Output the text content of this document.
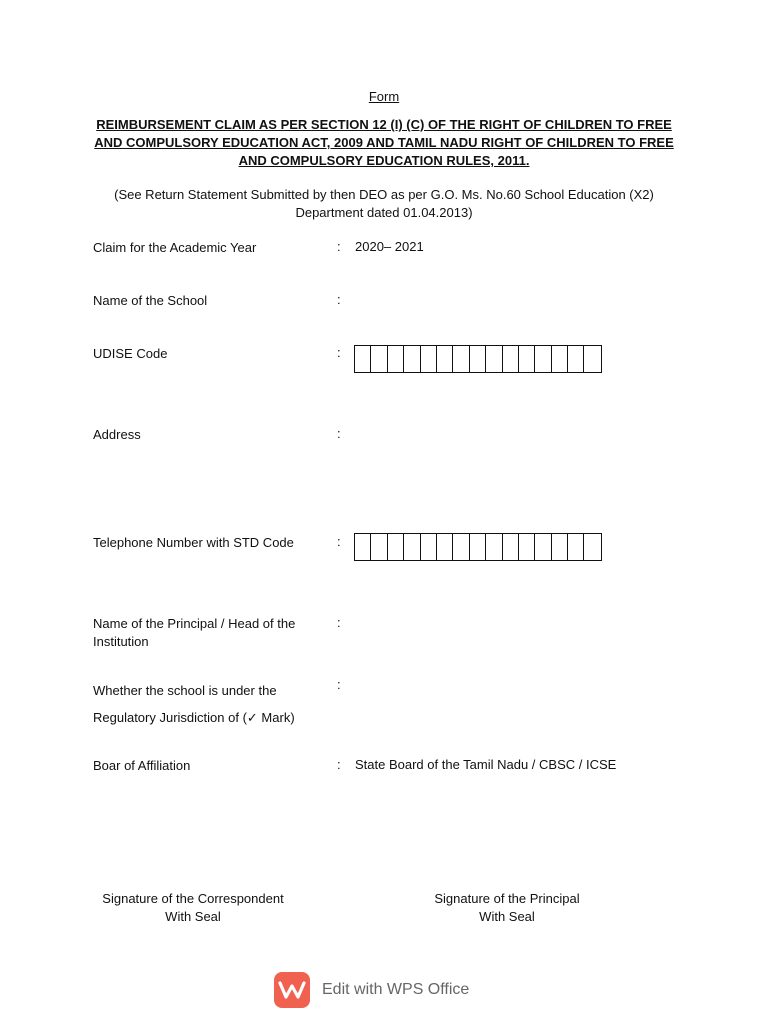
Form
REIMBURSEMENT CLAIM AS PER SECTION 12 (I) (C) OF THE RIGHT OF CHILDREN TO FREE
AND COMPULSORY EDUCATION ACT, 2009 AND TAMIL NADU RIGHT OF CHILDREN TO FREE
AND COMPULSORY EDUCATION RULES, 2011.
(See Return Statement Submitted by then DEO as per G.O. Ms. No.60 School Education (X2)
Department dated 01.04.2013)
Claim for the Academic Year	: 2020– 2021
Name of the School	:
UDISE Code	:
Address	:
Telephone Number with STD Code	:
Name of the Principal / Head of the
Institution
:
Whether the school is under the
Regulatory Jurisdiction of (✓ Mark)
:
Boar of Affiliation	: State Board of the Tamil Nadu / CBSC / ICSE
Signature of the Correspondent
With Seal
Signature of the Principal
With Seal
Edit with WPS Office
